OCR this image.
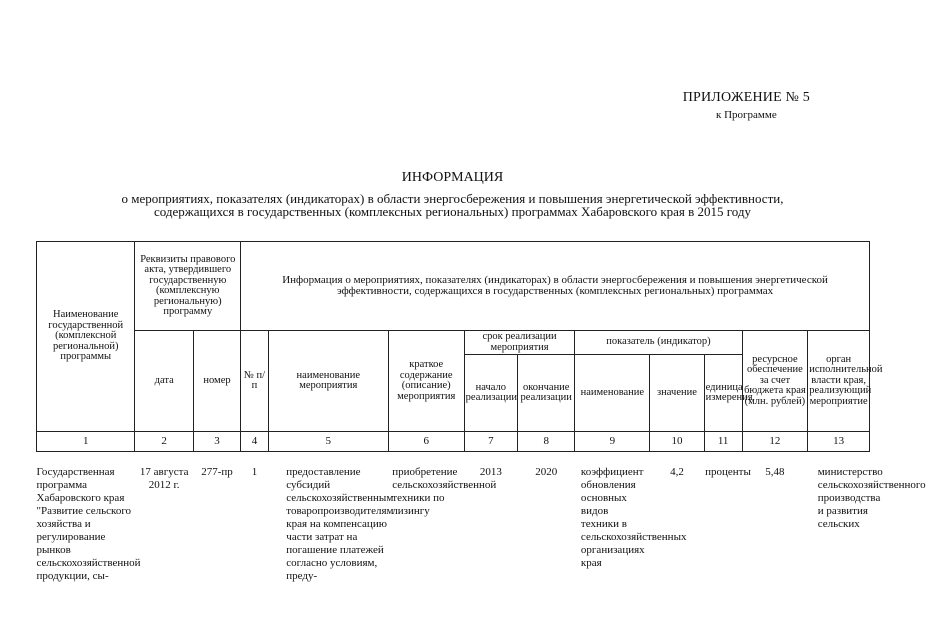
ПРИЛОЖЕНИЕ № 5
к Программе
ИНФОРМАЦИЯ
о мероприятиях, показателях (индикаторах) в области энергосбережения и повышения энергетической эффективности,
содержащихся в государственных (комплексных региональных) программах Хабаровского края в 2015 году
Наименование государственной (комплексной региональной) программы	Реквизиты правового акта, утвердившего государственную (комплексную региональную) программу		Информация о мероприятиях, показателях (индикаторах) в области энергосбережения и повышения энергетической эффективности, содержащихся в государственных (комплексных региональных) программах									
	дата	номер	№ п/п	наименование мероприятия	краткое содержание (описание) мероприятия	срок реализации мероприятия		показатель (индикатор)			ресурсное обеспечение за счет бюджета края (млн. рублей)	орган исполнительной власти края, реализующий мероприятие
						начало реализации	окончание реализации	наименование	значение	единица измерения		
1	2	3	4	5	6	7	8	9	10	11	12	13
Государственная программа Хабаровского края "Развитие сельского хозяйства и регулирование рынков сельскохозяйственной продукции, сы-	17 августа 2012 г.	277-пр	1	предоставление субсидий сельскохозяйственным товаропроизводителям края на компенсацию части затрат на погашение платежей согласно условиям, преду-	приобретение сельскохозяйственной техники по лизингу	2013	2020	коэффициент обновления основных видов техники в сельскохозяйственных организациях края	4,2	проценты	5,48	министерство сельскохозяйственного производства и развития сельских
